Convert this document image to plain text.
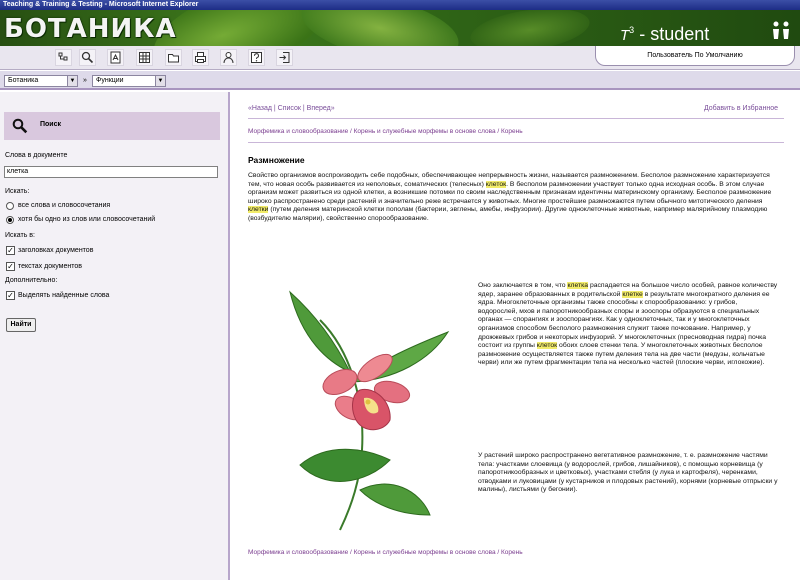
Teaching & Training & Testing - Microsoft Internet Explorer
БОТАНИКА	$T^3$ - student
Пользователь По Умолчанию
Ботаника	▼	»	Функции	▼
Поиск
Слова в документе
клетка
Искать:
все слова и словосочетания
хотя бы одно из слов или словосочетаний
Искать в:
✓ заголовках документов
✓ текстах документов
Дополнительно:
✓ Выделять найденные слова
Найти
«Назад | Список | Вперед»	Добавить в Избранное
Морфемика и словообразование / Корень и служебные морфемы в основе слова / Корень
Размножение
Свойство организмов воспроизводить себе подобных, обеспечивающее непрерывность жизни, называется размножением. Бесполое размножение характеризуется тем, что новая особь развивается из неполовых, соматических (телесных) клеток. В бесполом размножении участвует только одна исходная особь. В этом случае организм может развиться из одной клетки, а возникшие потомки по своим наследственным признакам идентичны материнскому организму. Бесполое размножение широко распространено среди растений и значительно реже встречается у животных. Многие простейшие размножаются путем обычного митотического деления клетки (путем деления материнской клетки пополам (бактерии, эвглены, амебы, инфузории). Другие одноклеточные животные, например малярийному плазмодию (возбудителю малярии), свойственно спорообразование.
Оно заключается в том, что клетка распадается на большое число особей, равное количеству ядер, заранее образованных в родительской клетке в результате многократного деления ее ядра. Многоклеточные организмы также способны к спорообразованию: у грибов, водорослей, мхов и папоротникообразных споры и зооспоры образуются в специальных органах — спорангиях и зооспорангиях. Как у одноклеточных, так и у многоклеточных организмов способом бесполого размножения служит также почкование. Например, у дрожжевых грибов и некоторых инфузорий. У многоклеточных (пресноводная гидра) почка состоит из группы клеток обоих слоев стенки тела. У многоклеточных животных бесполое размножение осуществляется также путем деления тела на две части (медузы, кольчатые черви) или же путем фрагментации тела на несколько частей (плоские черви, иглокожие).
У растений широко распространено вегетативное размножение, т. е. размножение частями тела: участками слоевища (у водорослей, грибов, лишайников), с помощью корневища (у папоротникообразных и цветковых), участками стебля (у лука и картофеля), черенками, отводками и луковицами (у кустарников и плодовых растений), корнями (корневые отпрыски у малины), листьями (у бегонии).
Морфемика и словообразование / Корень и служебные морфемы в основе слова / Корень
